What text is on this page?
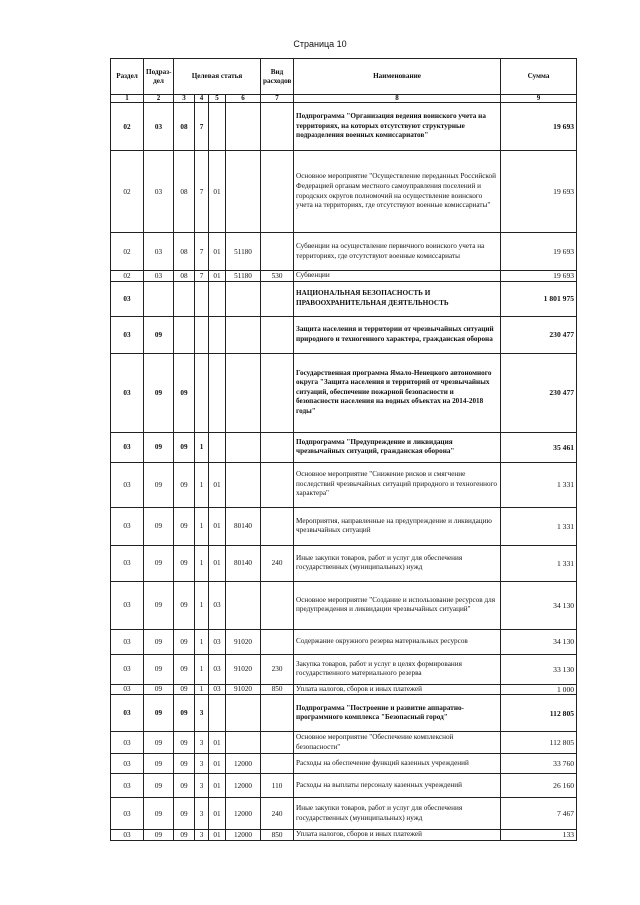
Страница 10
Раздел	Подраз-дел	Целевая статья				Вид расходов	Наименование	Сумма
1	2	3	4	5	6	7	8	9
02	03	08	7				Подпрограмма "Организация ведения воинского учета на территориях, на которых отсутствуют структурные подразделения военных комиссариатов"	19 693
02	03	08	7	01			Основное мероприятие "Осуществление переданных Российской Федерацией органам местного самоуправления поселений и городских округов полномочий на осуществление воинского учета на территориях, где отсутствуют военные комиссариаты"	19 693
02	03	08	7	01	51180		Субвенции на осуществление первичного воинского учета на территориях, где отсутствуют военные комиссариаты	19 693
02	03	08	7	01	51180	530	Субвенции	19 693
03							НАЦИОНАЛЬНАЯ БЕЗОПАСНОСТЬ И ПРАВООХРАНИТЕЛЬНАЯ ДЕЯТЕЛЬНОСТЬ	1 801 975
03	09						Защита населения и территории от чрезвычайных ситуаций природного и техногенного характера, гражданская оборона	230 477
03	09	09					Государственная программа Ямало-Ненецкого автономного округа "Защита населения и территорий от чрезвычайных ситуаций, обеспечение пожарной безопасности и безопасности населения на водных объектах на 2014-2018 годы"	230 477
03	09	09	1				Подпрограмма "Предупреждение и ликвидация чрезвычайных ситуаций, гражданская оборона"	35 461
03	09	09	1	01			Основное мероприятие "Снижение рисков и смягчение последствий чрезвычайных ситуаций природного и техногенного характера"	1 331
03	09	09	1	01	80140		Мероприятия, направленные на предупреждение и ликвидацию чрезвычайных ситуаций	1 331
03	09	09	1	01	80140	240	Иные закупки товаров, работ и услуг для обеспечения государственных (муниципальных) нужд	1 331
03	09	09	1	03			Основное мероприятие "Создание и использование ресурсов для предупреждения и ликвидации чрезвычайных ситуаций"	34 130
03	09	09	1	03	91020		Содержание окружного резерва материальных ресурсов	34 130
03	09	09	1	03	91020	230	Закупка товаров, работ и услуг в целях формирования государственного материального резерва	33 130
03	09	09	1	03	91020	850	Уплата налогов, сборов и иных платежей	1 000
03	09	09	3				Подпрограмма "Построение и развитие аппаратно-программного комплекса "Безопасный город"	112 805
03	09	09	3	01			Основное мероприятие "Обеспечение комплексной безопасности"	112 805
03	09	09	3	01	12000		Расходы на обеспечение функций казенных учреждений	33 760
03	09	09	3	01	12000	110	Расходы на выплаты персоналу казенных учреждений	26 160
03	09	09	3	01	12000	240	Иные закупки товаров, работ и услуг для обеспечения государственных (муниципальных) нужд	7 467
03	09	09	3	01	12000	850	Уплата налогов, сборов и иных платежей	133
